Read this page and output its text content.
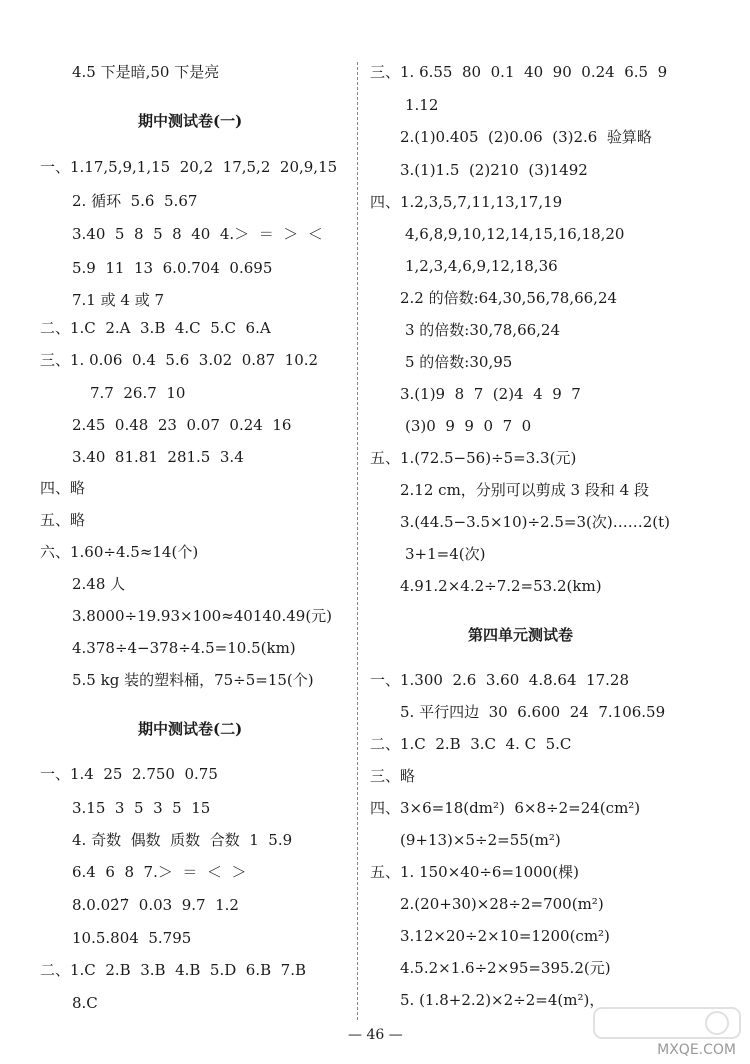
4.5 下是暗,50 下是亮
期中测试卷(一)
一、1.17,5,9,1,15  20,2  17,5,2  20,9,15
2. 循环  5.6̇  5.67
3.40  5  8  5  8  40  4.＞  ＝  ＞  ＜
5.9  11  13  6.0.704  0.695
7.1 或 4 或 7
二、1.C  2.A  3.B  4.C  5.C  6.A
三、1. 0.06  0.4  5.6  3.02  0.87  10.2
7.7  26.7  10
2.45  0.48  23  0.07  0.24  16
3.40  81.81  281.5  3.4
四、略
五、略
六、1.60÷4.5≈14(个)
2.48 人
3.8000÷19.93×100≈40140.49(元)
4.378÷4−378÷4.5=10.5(km)
5.5 kg 装的塑料桶，75÷5=15(个)
期中测试卷(二)
一、1.4  25  2.750  0.75
3.15  3  5  3  5  15
4. 奇数  偶数  质数  合数  1  5.9
6.4  6  8  7.＞  ＝  ＜  ＞
8.0.02̇7̇  0.03  9.7  1.2
10.5.804  5.795
二、1.C  2.B  3.B  4.B  5.D  6.B  7.B
8.C
三、1. 6.55  80  0.1  40  90  0.24  6.5  9
1.12
2.(1)0.405  (2)0.06  (3)2.6  验算略
3.(1)1.5  (2)210  (3)1492
四、1.2,3,5,7,11,13,17,19
4,6,8,9,10,12,14,15,16,18,20
1,2,3,4,6,9,12,18,36
2.2 的倍数:64,30,56,78,66,24
3 的倍数:30,78,66,24
5 的倍数:30,95
3.(1)9  8  7  (2)4  4  9  7
(3)0  9  9  0  7  0
五、1.(72.5−56)÷5=3.3(元)
2.12 cm，分别可以剪成 3 段和 4 段
3.(44.5−3.5×10)÷2.5=3(次)……2(t)
3+1=4(次)
4.91.2×4.2÷7.2=53.2(km)
第四单元测试卷
一、1.300  2.6  3.60  4.8.64  17.28
5. 平行四边  30  6.600  24  7.106.59
二、1.C  2.B  3.C  4. C  5.C
三、略
四、3×6=18(dm²)  6×8÷2=24(cm²)
(9+13)×5÷2=55(m²)
五、1. 150×40÷6=1000(棵)
2.(20+30)×28÷2=700(m²)
3.12×20÷2×10=1200(cm²)
4.5.2×1.6÷2×95=395.2(元)
5. (1.8+2.2)×2÷2=4(m²)，
— 46 —
MXQE.COM
